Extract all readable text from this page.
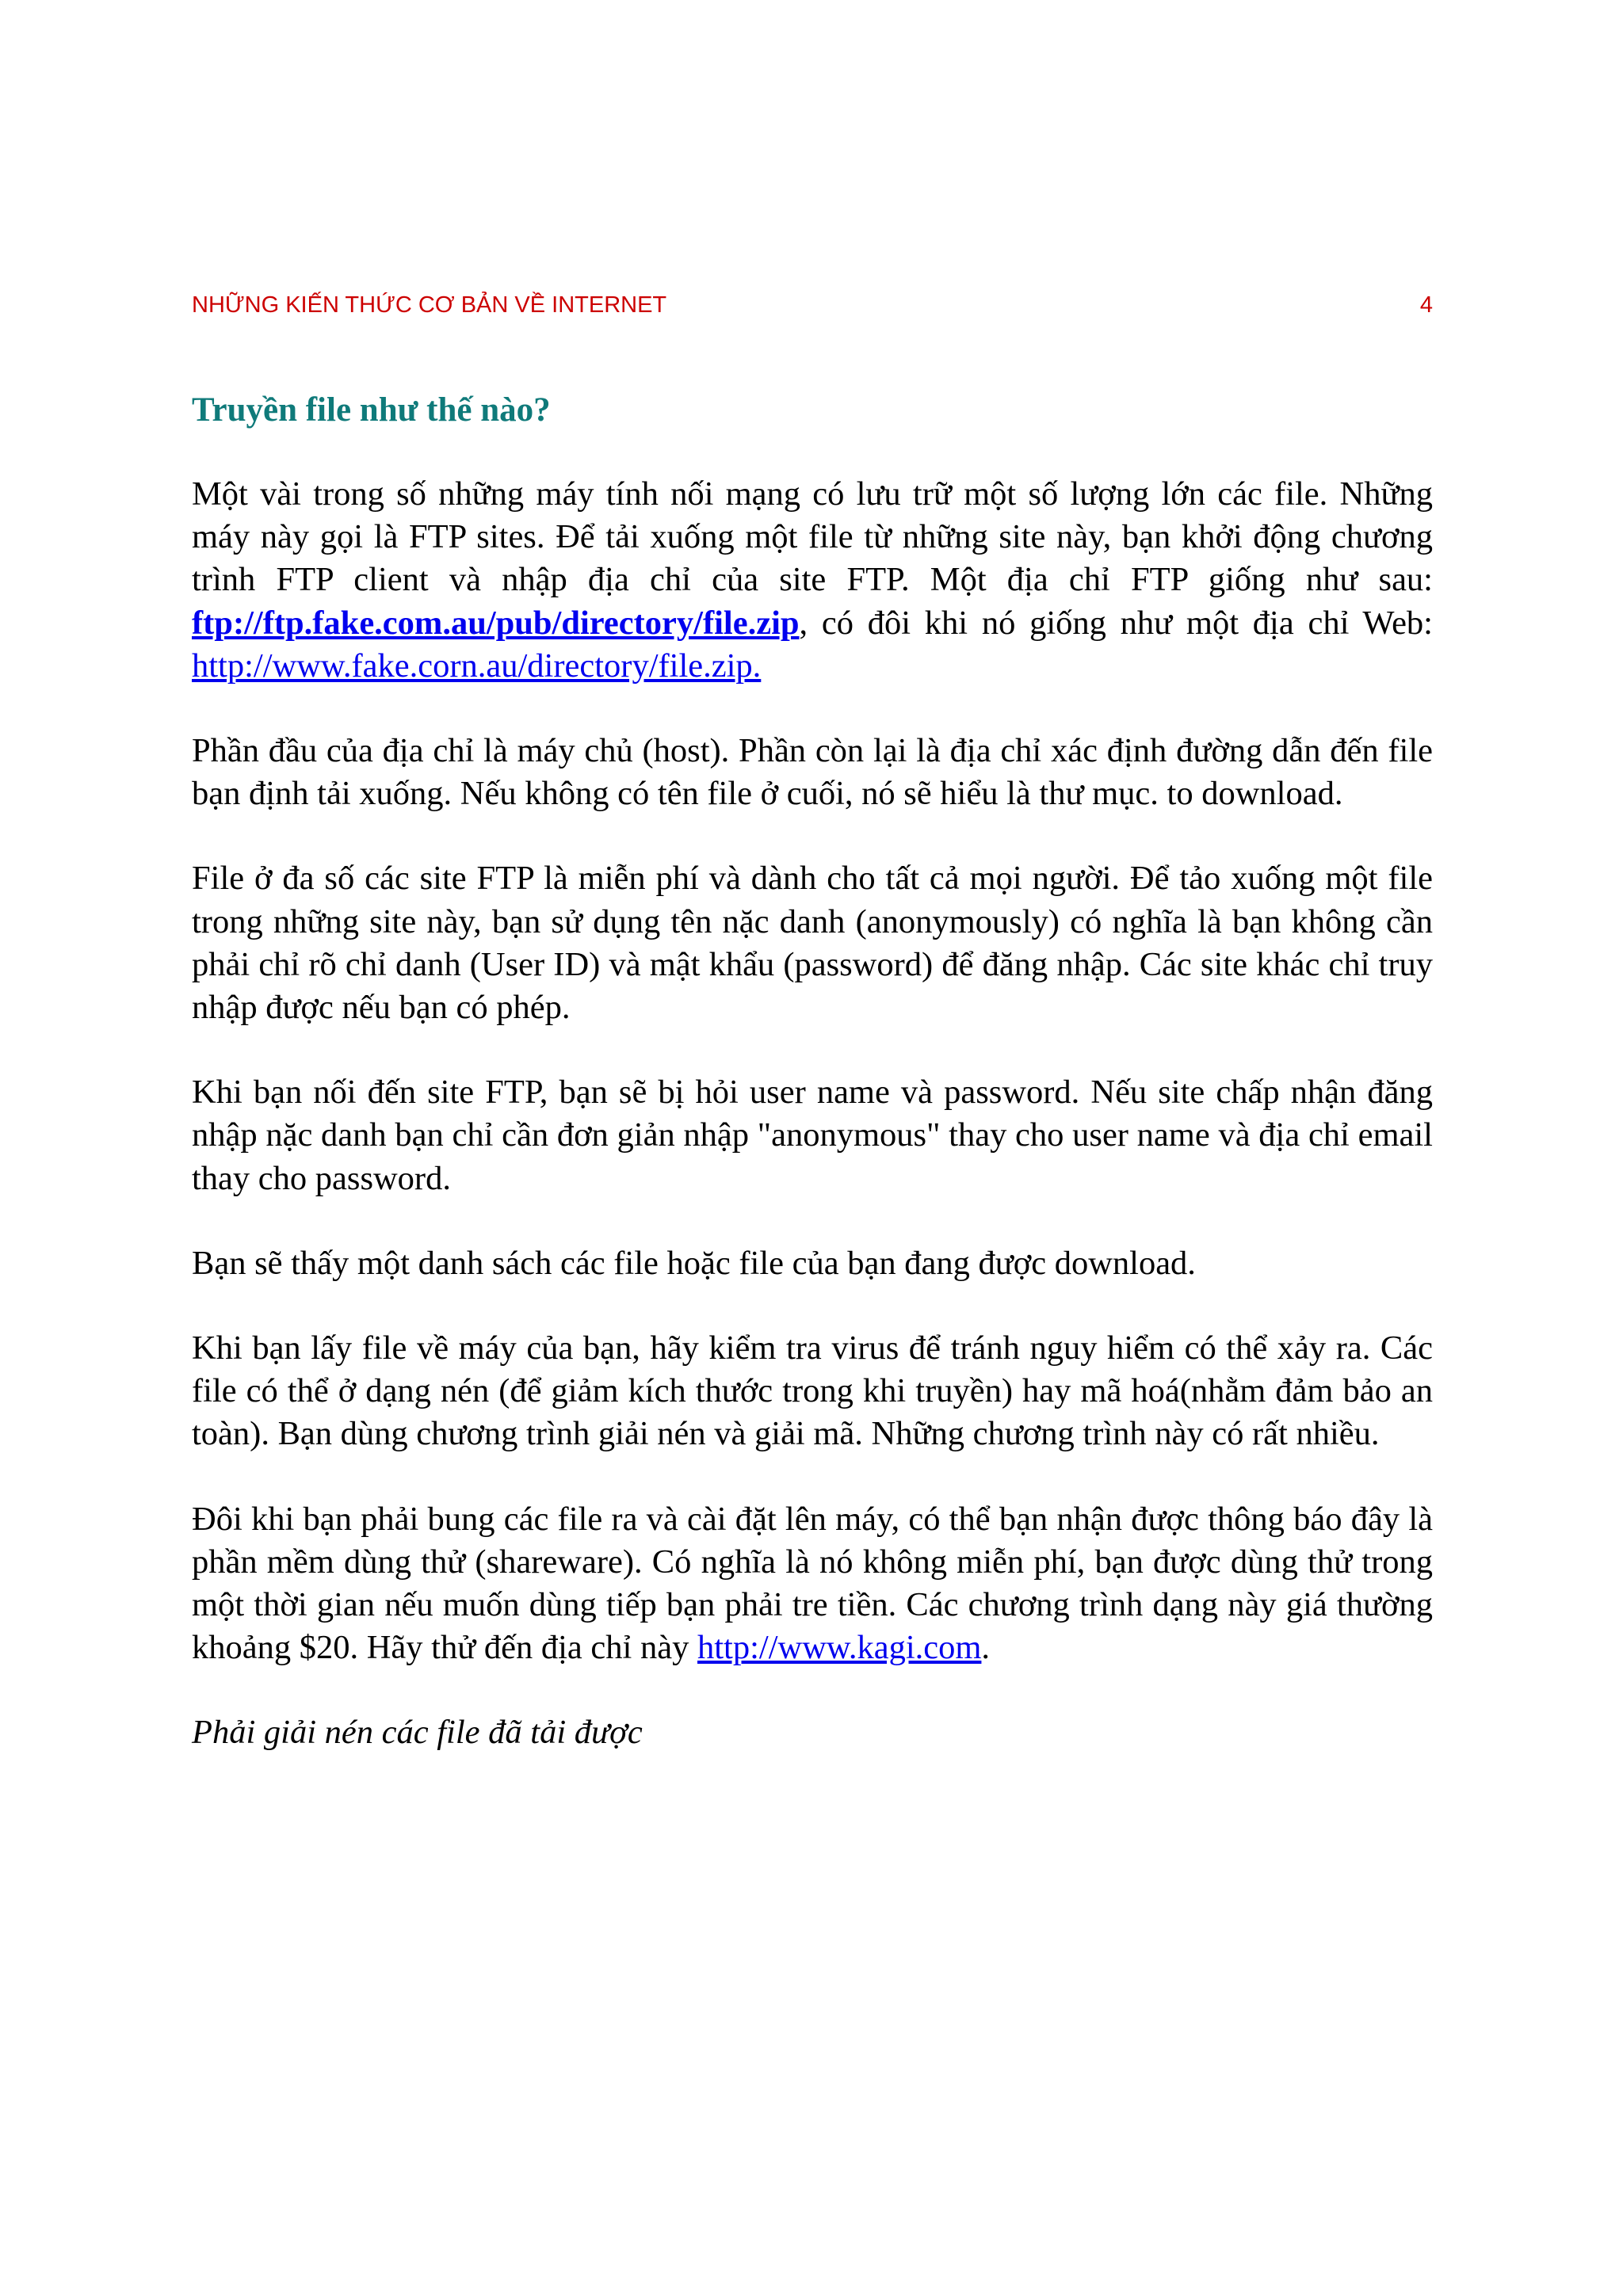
NHỮNG KIẾN THỨC CƠ BẢN VỀ INTERNET	4
Truyền file như thế nào?

Một vài trong số những máy tính nối mạng có lưu trữ một số lượng lớn các file. Những máy này gọi là FTP sites. Để tải xuống một file từ những site này, bạn khởi động chương trình FTP client và nhập địa chỉ của site FTP. Một địa chỉ FTP giống như sau: ftp://ftp.fake.com.au/pub/directory/file.zip, có đôi khi nó giống như một địa chỉ Web: http://www.fake.corn.au/directory/file.zip.

Phần đầu của địa chỉ là máy chủ (host). Phần còn lại là địa chỉ xác định đường dẫn đến file bạn định tải xuống. Nếu không có tên file ở cuối, nó sẽ hiểu là thư mục. to download.

File ở đa số các site FTP là miễn phí và dành cho tất cả mọi người. Để tảo xuống một file trong những site này, bạn sử dụng tên nặc danh (anonymously) có nghĩa là bạn không cần phải chỉ rõ chỉ danh (User ID) và mật khẩu (password) để đăng nhập. Các site khác chỉ truy nhập được nếu bạn có phép.

Khi bạn nối đến site FTP, bạn sẽ bị hỏi user name và password. Nếu site chấp nhận đăng nhập nặc danh bạn chỉ cần đơn giản nhập "anonymous" thay cho user name và địa chỉ email thay cho password.

Bạn sẽ thấy một danh sách các file hoặc file của bạn đang được download.

Khi bạn lấy file về máy của bạn, hãy kiểm tra virus để tránh nguy hiểm có thể xảy ra. Các file có thể ở dạng nén (để giảm kích thước trong khi truyền) hay mã hoá(nhằm đảm bảo an toàn). Bạn dùng chương trình giải nén và giải mã. Những chương trình này có rất nhiều.

Đôi khi bạn phải bung các file ra và cài đặt lên máy, có thể bạn nhận được thông báo đây là phần mềm dùng thử (shareware). Có nghĩa là nó không miễn phí, bạn được dùng thử trong một thời gian nếu muốn dùng tiếp bạn phải tre tiền. Các chương trình dạng này giá thường khoảng $20. Hãy thử đến địa chỉ này http://www.kagi.com.

Phải giải nén các file đã tải được
